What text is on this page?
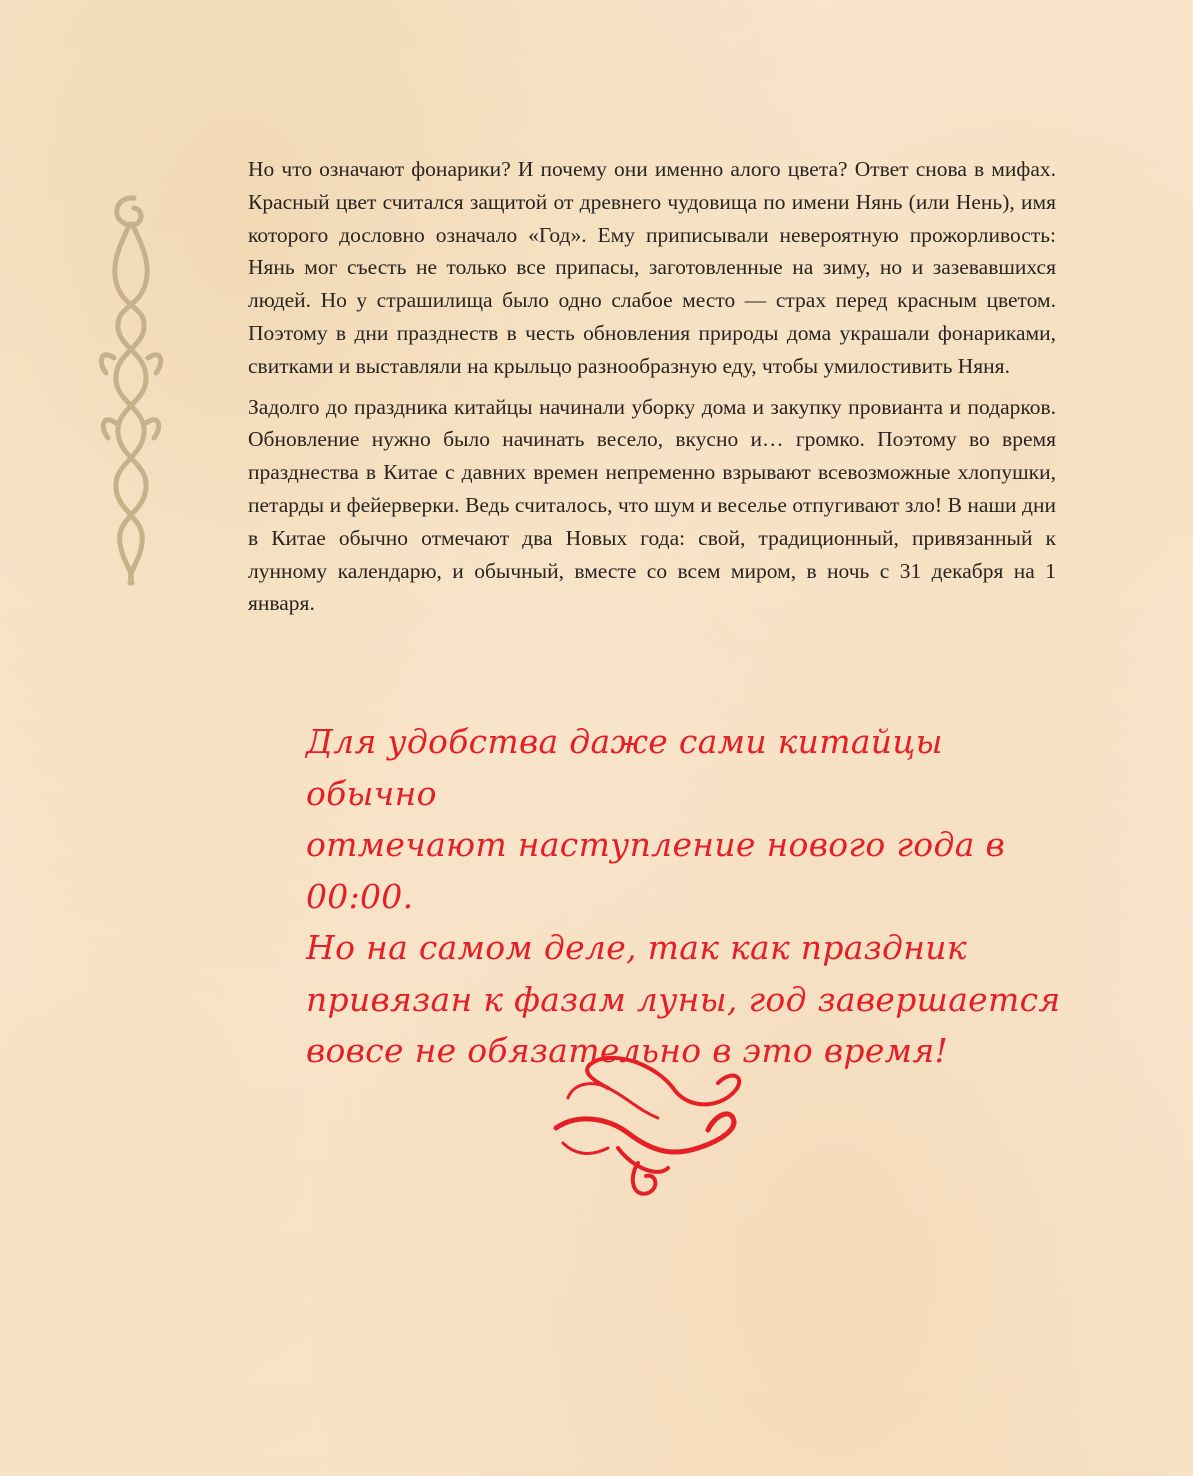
Но что означают фонарики? И почему они именно алого цвета? Ответ снова в мифах. Красный цвет считался защитой от древнего чудовища по имени Нянь (или Нень), имя которого дословно означало «Год». Ему приписывали невероятную прожорливость: Нянь мог съесть не только все припасы, заготовленные на зиму, но и зазевавшихся людей. Но у страшилища было одно слабое место — страх перед красным цветом. Поэтому в дни празднеств в честь обновления природы дома украшали фонариками, свитками и выставляли на крыльцо разнообразную еду, чтобы умилостивить Няня.

Задолго до праздника китайцы начинали уборку дома и закупку провианта и подарков. Обновление нужно было начинать весело, вкусно и… громко. Поэтому во время празднества в Китае с давних времен непременно взрывают всевозможные хлопушки, петарды и фейерверки. Ведь считалось, что шум и веселье отпугивают зло! В наши дни в Китае обычно отмечают два Новых года: свой, традиционный, привязанный к лунному календарю, и обычный, вместе со всем миром, в ночь с 31 декабря на 1 января.

Для удобства даже сами китайцы обычно
отмечают наступление нового года в 00:00.
Но на самом деле, так как праздник
привязан к фазам луны, год завершается
вовсе не обязательно в это время!
